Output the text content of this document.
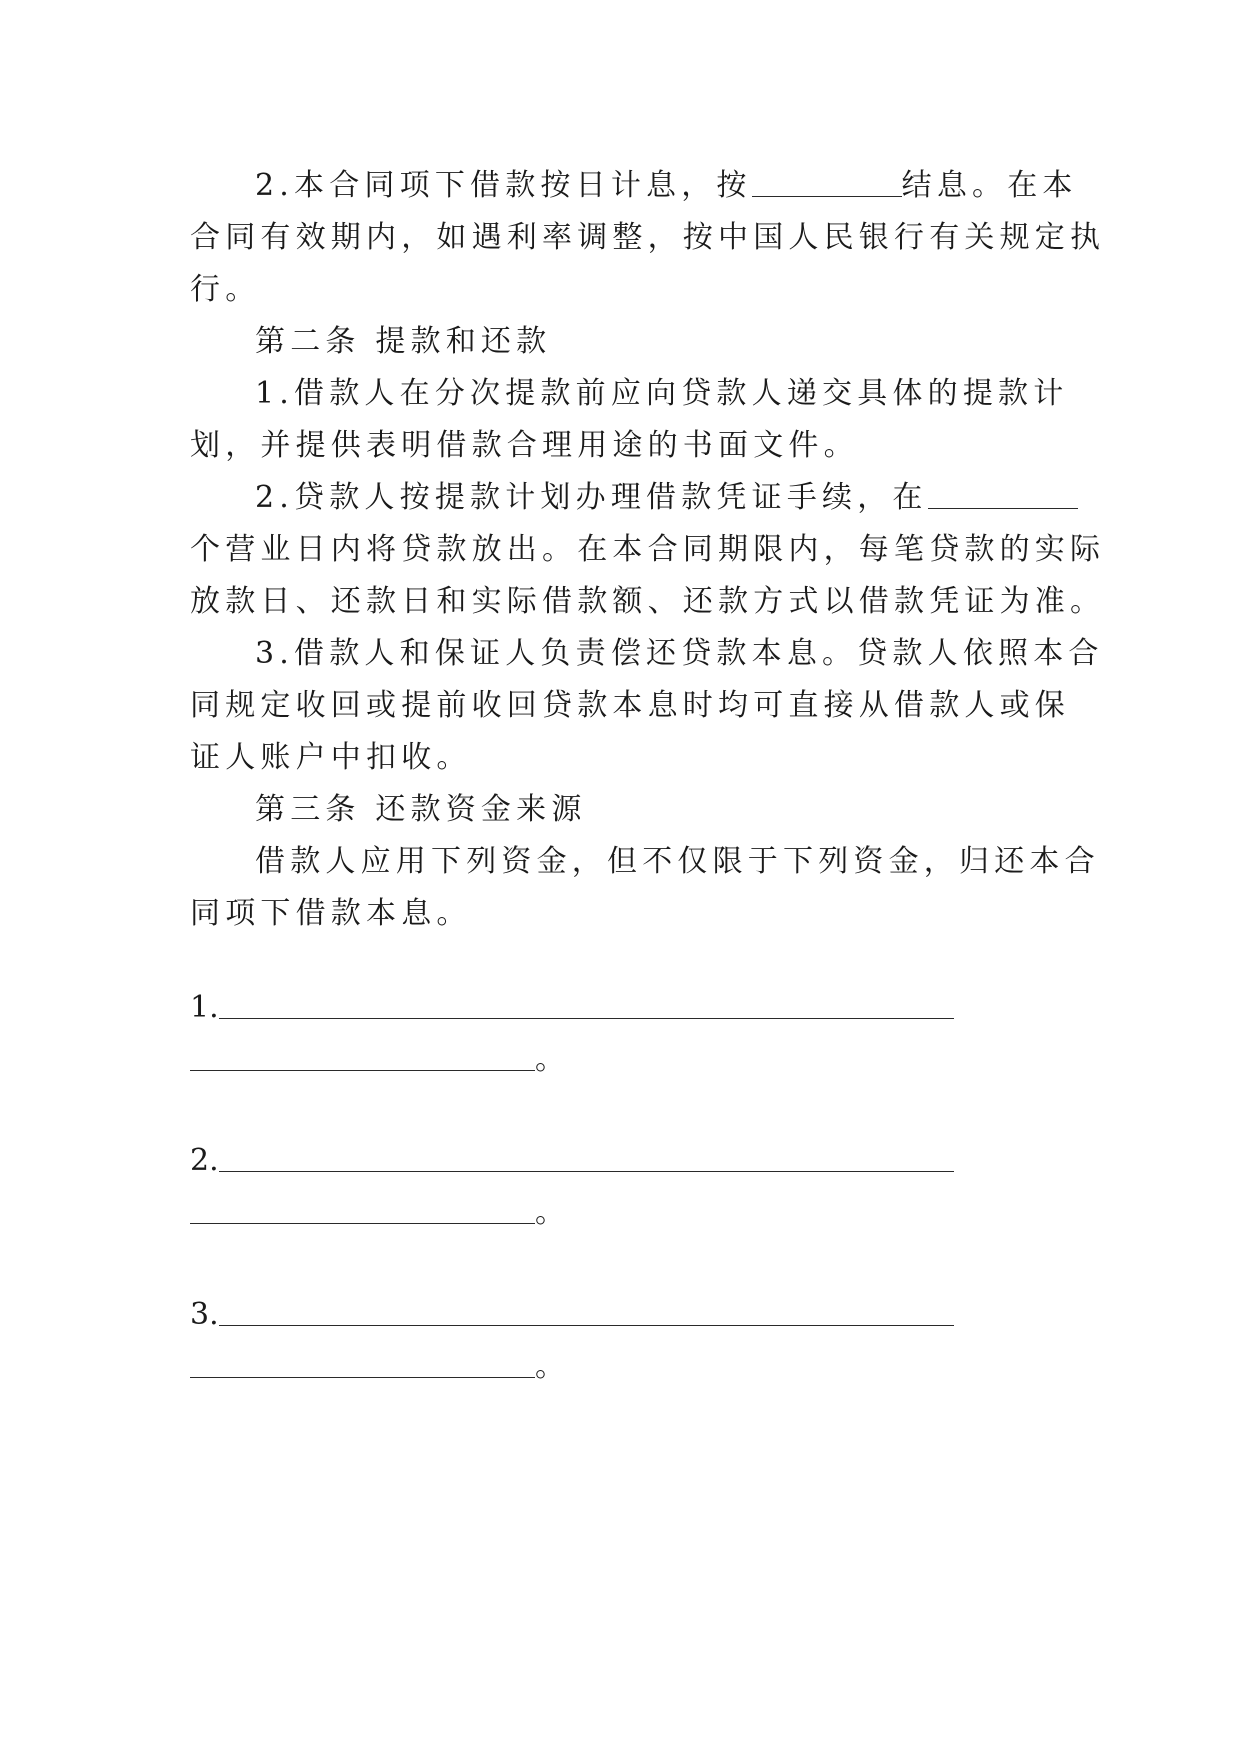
2.本合同项下借款按日计息，按	结息。在本
合同有效期内，如遇利率调整，按中国人民银行有关规定执
行。
第二条 提款和还款
1.借款人在分次提款前应向贷款人递交具体的提款计
划，并提供表明借款合理用途的书面文件。
2.贷款人按提款计划办理借款凭证手续，在
个营业日内将贷款放出。在本合同期限内，每笔贷款的实际
放款日、还款日和实际借款额、还款方式以借款凭证为准。
3.借款人和保证人负责偿还贷款本息。贷款人依照本合
同规定收回或提前收回贷款本息时均可直接从借款人或保
证人账户中扣收。
第三条 还款资金来源
借款人应用下列资金，但不仅限于下列资金，归还本合
同项下借款本息。
1.
。
2.
。
3.
。
